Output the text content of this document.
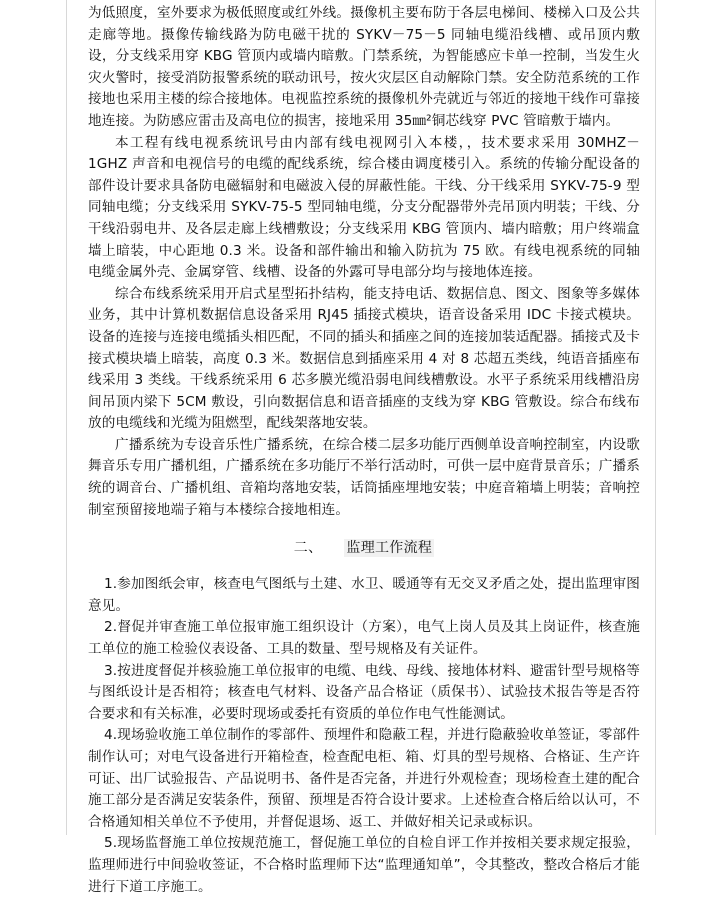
为低照度，室外要求为极低照度或红外线。摄像机主要布防于各层电梯间、楼梯入口及公共走廊等地。摄像传输线路为防电磁干扰的 SYKV－75－5 同轴电缆沿线槽、或吊顶内敷设，分支线采用穿 KBG 管顶内或墙内暗敷。门禁系统，为智能感应卡单一控制，当发生火灾火警时，接受消防报警系统的联动讯号，按火灾层区自动解除门禁。安全防范系统的工作接地也采用主楼的综合接地体。电视监控系统的摄像机外壳就近与邻近的接地干线作可靠接地连接。为防感应雷击及高电位的损害，接地采用 35㎜²铜芯线穿 PVC 管暗敷于墙内。

本工程有线电视系统讯号由内部有线电视网引入本楼，，技术要求采用 30MHZ－1GHZ 声音和电视信号的电缆的配线系统，综合楼由调度楼引入。系统的传输分配设备的部件设计要求具备防电磁辐射和电磁波入侵的屏蔽性能。干线、分干线采用 SYKV-75-9 型同轴电缆；分支线采用 SYKV-75-5 型同轴电缆，分支分配器带外壳吊顶内明装；干线、分干线沿弱电井、及各层走廊上线槽敷设；分支线采用 KBG 管顶内、墙内暗敷；用户终端盒墙上暗装，中心距地 0.3 米。设备和部件输出和输入防抗为 75 欧。有线电视系统的同轴电缆金属外壳、金属穿管、线槽、设备的外露可导电部分均与接地体连接。

综合布线系统采用开启式星型拓扑结构，能支持电话、数据信息、图文、图象等多媒体业务，其中计算机数据信息设备采用 RJ45 插接式模块，语音设备采用 IDC 卡接式模块。设备的连接与连接电缆插头相匹配，不同的插头和插座之间的连接加装适配器。插接式及卡接式模块墙上暗装，高度 0.3 米。数据信息到插座采用 4 对 8 芯超五类线，纯语音插座布线采用 3 类线。干线系统采用 6 芯多膜光缆沿弱电间线槽敷设。水平子系统采用线槽沿房间吊顶内梁下 5CM 敷设，引向数据信息和语音插座的支线为穿 KBG 管敷设。综合布线布放的电缆线和光缆为阻燃型，配线架落地安装。

广播系统为专设音乐性广播系统，在综合楼二层多功能厅西侧单设音响控制室，内设歌舞音乐专用广播机组，广播系统在多功能厅不举行活动时，可供一层中庭背景音乐；广播系统的调音台、广播机组、音箱均落地安装，话筒插座埋地安装；中庭音箱墙上明装；音响控制室预留接地端子箱与本楼综合接地相连。

二、 监理工作流程

1.参加图纸会审，核查电气图纸与土建、水卫、暖通等有无交叉矛盾之处，提出监理审图意见。

2.督促并审查施工单位报审施工组织设计（方案），电气上岗人员及其上岗证件，核查施工单位的施工检验仪表设备、工具的数量、型号规格及有关证件。

3.按进度督促并核验施工单位报审的电缆、电线、母线、接地体材料、避雷针型号规格等与图纸设计是否相符；核查电气材料、设备产品合格证（质保书）、试验技术报告等是否符合要求和有关标准，必要时现场或委托有资质的单位作电气性能测试。

4.现场验收施工单位制作的零部件、预埋件和隐蔽工程，并进行隐蔽验收单签证，零部件制作认可；对电气设备进行开箱检查，检查配电柜、箱、灯具的型号规格、合格证、生产许可证、出厂试验报告、产品说明书、备件是否完备，并进行外观检查；现场检查土建的配合施工部分是否满足安装条件，预留、预埋是否符合设计要求。上述检查合格后给以认可，不合格通知相关单位不予使用，并督促退场、返工、并做好相关记录或标识。

5.现场监督施工单位按规范施工，督促施工单位的自检自评工作并按相关要求规定报验，监理师进行中间验收签证，不合格时监理师下达“监理通知单”，令其整改，整改合格后才能进行下道工序施工。
